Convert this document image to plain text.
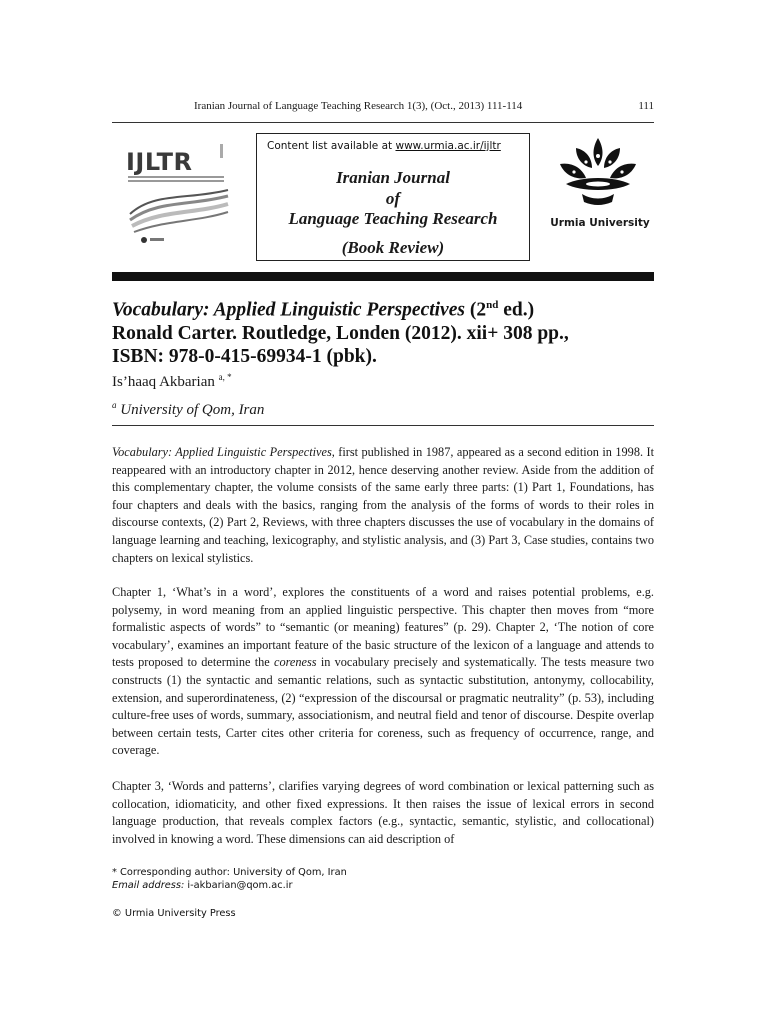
Iranian Journal of Language Teaching Research 1(3), (Oct., 2013) 111-114	111
IJLTR
Content list available at www.urmia.ac.ir/ijltr
Iranian Journal
of
Language Teaching Research
(Book Review)
Urmia University
Vocabulary: Applied Linguistic Perspectives (2nd ed.)
Ronald Carter. Routledge, Londen (2012). xii+ 308 pp.,
ISBN: 978-0-415-69934-1 (pbk).
Is’haaq Akbarian $^{a, *}$
$^a$ University of Qom, Iran
Vocabulary: Applied Linguistic Perspectives, first published in 1987, appeared as a second edition in 1998. It reappeared with an introductory chapter in 2012, hence deserving another review. Aside from the addition of this complementary chapter, the volume consists of the same early three parts: (1) Part 1, Foundations, has four chapters and deals with the basics, ranging from the analysis of the forms of words to their roles in discourse contexts, (2) Part 2, Reviews, with three chapters discusses the use of vocabulary in the domains of language learning and teaching, lexicography, and stylistic analysis, and (3) Part 3, Case studies, contains two chapters on lexical stylistics.
Chapter 1, ‘What’s in a word’, explores the constituents of a word and raises potential problems, e.g. polysemy, in word meaning from an applied linguistic perspective. This chapter then moves from “more formalistic aspects of words” to “semantic (or meaning) features” (p. 29). Chapter 2, ‘The notion of core vocabulary’, examines an important feature of the basic structure of the lexicon of a language and attends to tests proposed to determine the coreness in vocabulary precisely and systematically. The tests measure two constructs (1) the syntactic and semantic relations, such as syntactic substitution, antonymy, collocability, extension, and superordinateness, (2) “expression of the discoursal or pragmatic neutrality” (p. 53), including culture-free uses of words, summary, associationism, and neutral field and tenor of discourse. Despite overlap between certain tests, Carter cites other criteria for coreness, such as frequency of occurrence, range, and coverage.
Chapter 3, ‘Words and patterns’, clarifies varying degrees of word combination or lexical patterning such as collocation, idiomaticity, and other fixed expressions. It then raises the issue of lexical errors in second language production, that reveals complex factors (e.g., syntactic, semantic, stylistic, and collocational) involved in knowing a word. These dimensions can aid description of
* Corresponding author: University of Qom, Iran
Email address: i-akbarian@qom.ac.ir
© Urmia University Press
